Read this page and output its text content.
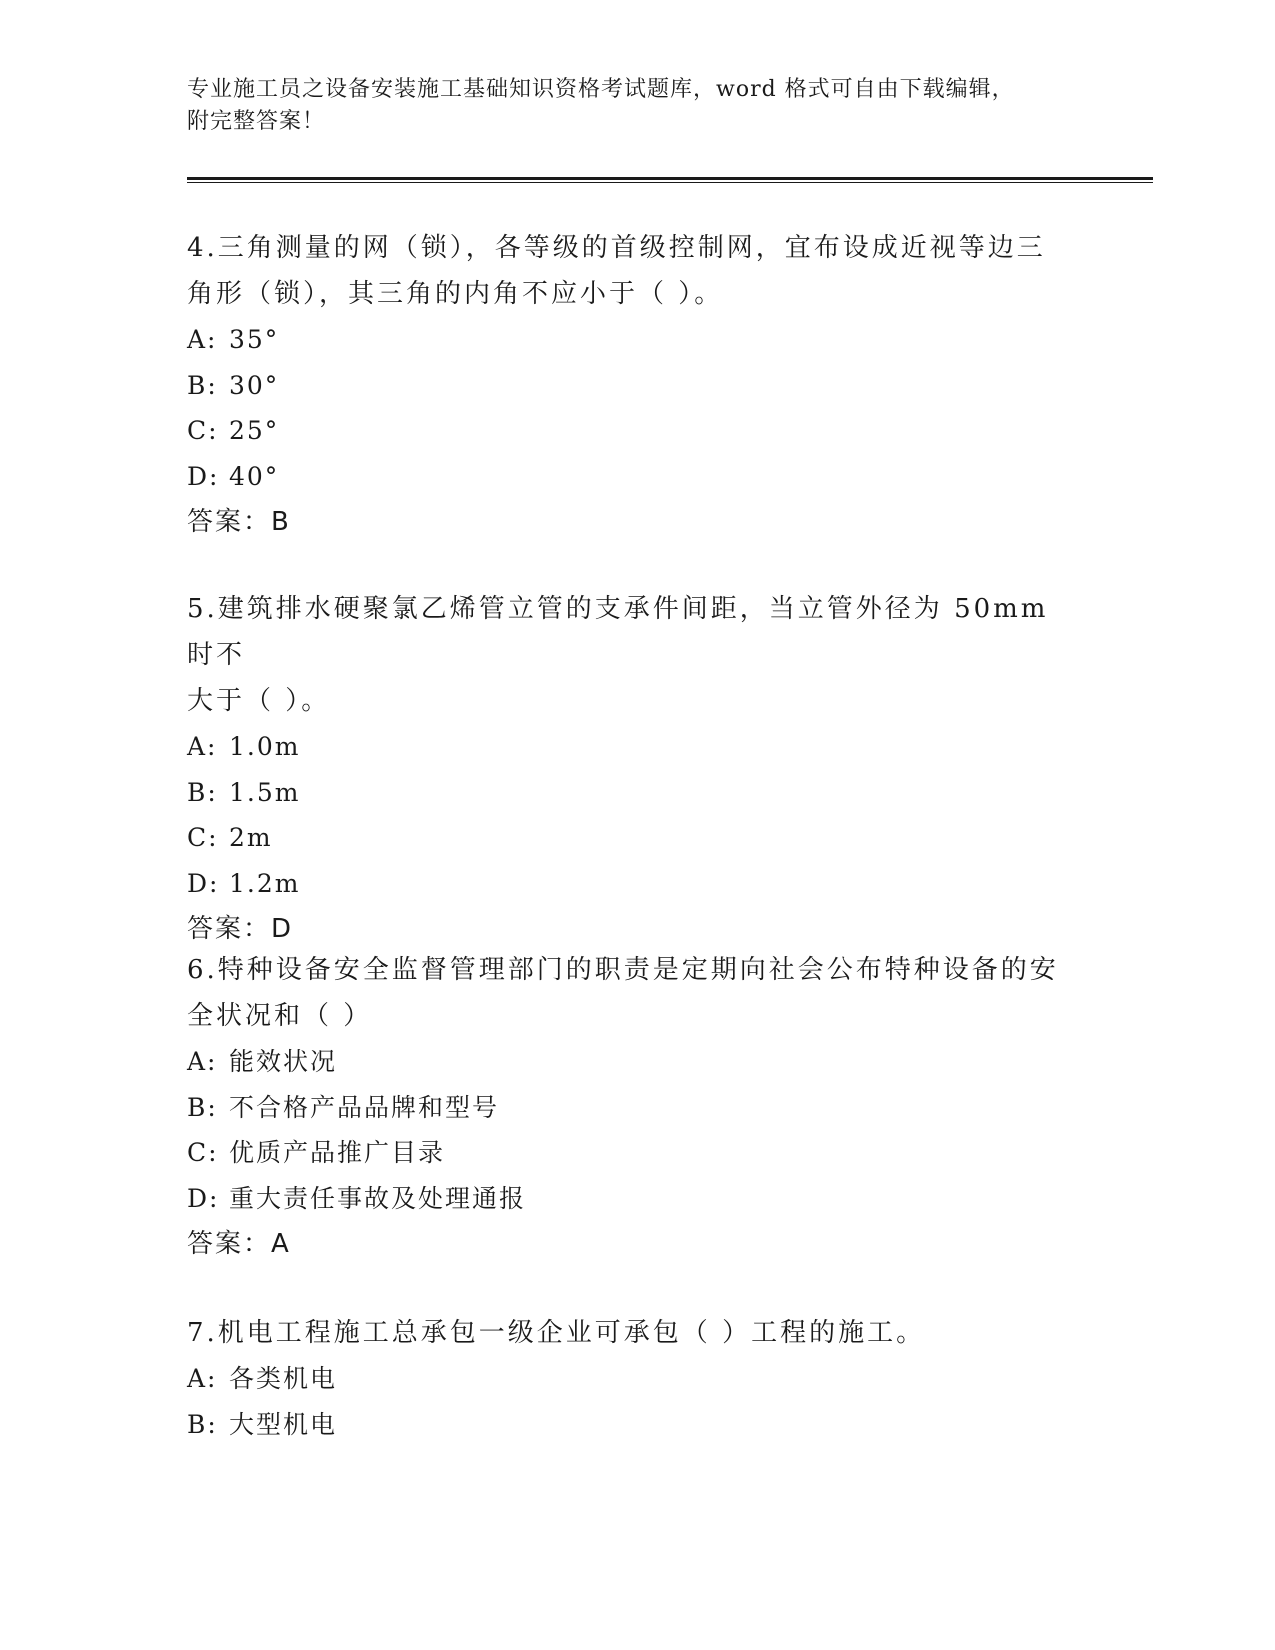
专业施工员之设备安装施工基础知识资格考试题库，word 格式可自由下载编辑，
附完整答案！
4.三角测量的网（锁），各等级的首级控制网，宜布设成近视等边三
角形（锁），其三角的内角不应小于（ ）。
A: 35°
B: 30°
C: 25°
D: 40°
答案：B
5.建筑排水硬聚氯乙烯管立管的支承件间距，当立管外径为 50mm 时不
大于（ ）。
A: 1.0m
B: 1.5m
C: 2m
D: 1.2m
答案：D
6.特种设备安全监督管理部门的职责是定期向社会公布特种设备的安
全状况和（ ）
A: 能效状况
B: 不合格产品品牌和型号
C: 优质产品推广目录
D: 重大责任事故及处理通报
答案：A
7.机电工程施工总承包一级企业可承包（ ）工程的施工。
A: 各类机电
B: 大型机电
